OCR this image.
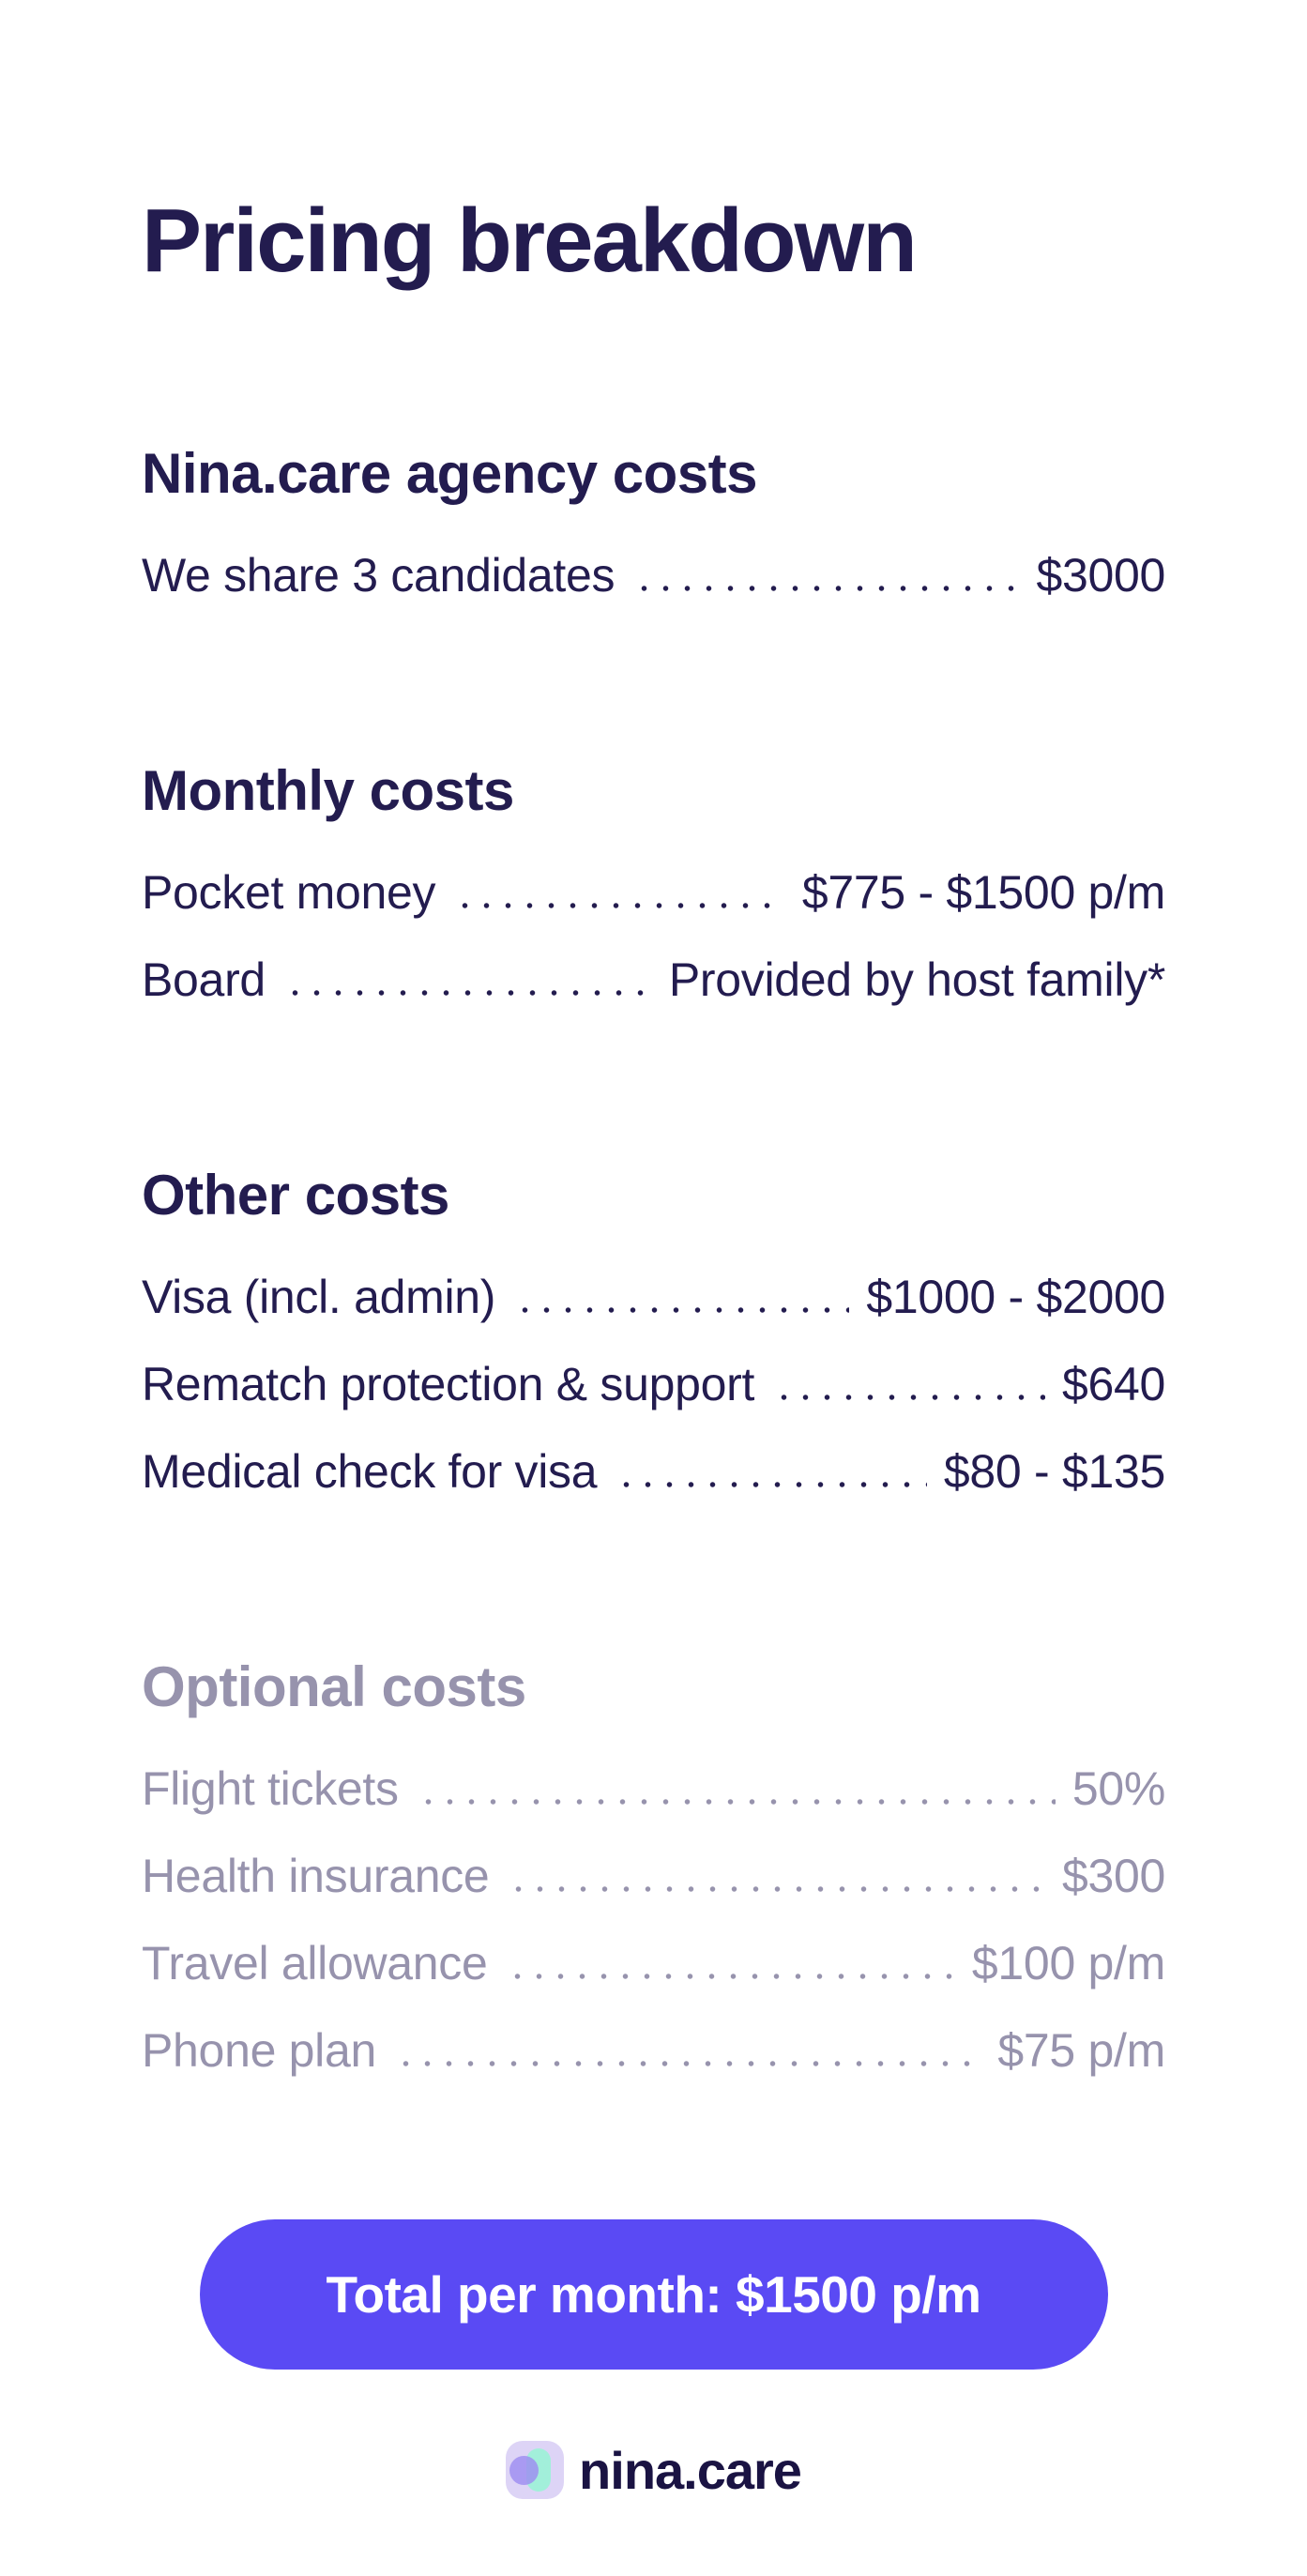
Pricing breakdown
Nina.care agency costs
We share 3 candidates	$3000
Monthly costs
Pocket money	$775 - $1500 p/m
Board	Provided by host family*
Other costs
Visa (incl. admin)	$1000 - $2000
Rematch protection & support	$640
Medical check for visa	$80 - $135
Optional costs
Flight tickets	50%
Health insurance	$300
Travel allowance	$100 p/m
Phone plan	$75 p/m
Total per month: $1500 p/m
nina.care
